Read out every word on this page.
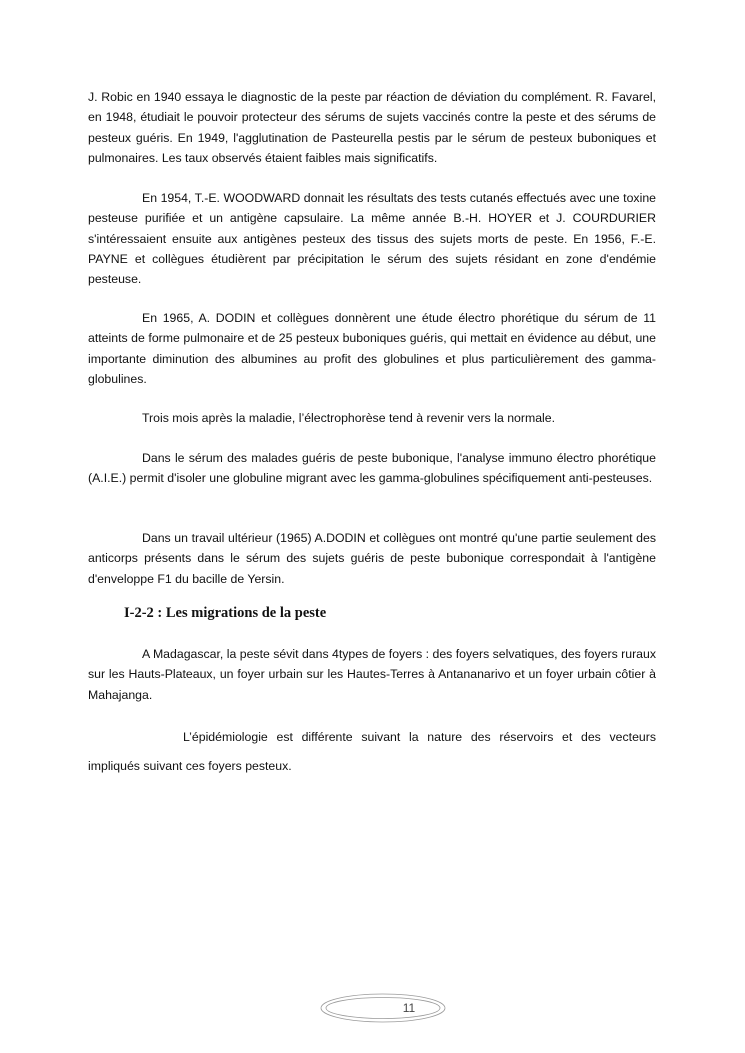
J. Robic en 1940 essaya le diagnostic de la peste par réaction de déviation du complément. R. Favarel, en 1948, étudiait le pouvoir protecteur des sérums de sujets vaccinés contre la peste et des sérums de pesteux guéris. En 1949, l'agglutination de Pasteurella pestis par le sérum de pesteux buboniques et pulmonaires. Les taux observés étaient faibles mais significatifs.

En 1954, T.-E. WOODWARD donnait les résultats des tests cutanés effectués avec une toxine pesteuse purifiée et un antigène capsulaire. La même année B.-H. HOYER et J. COURDURIER s'intéressaient ensuite aux antigènes pesteux des tissus des sujets morts de peste. En 1956, F.-E. PAYNE et collègues étudièrent par précipitation le sérum des sujets résidant en zone d'endémie pesteuse.

En 1965, A. DODIN et collègues donnèrent une étude électro phorétique du sérum de 11 atteints de forme pulmonaire et de 25 pesteux buboniques guéris, qui mettait en évidence au début, une importante diminution des albumines au profit des globulines et plus particulièrement des gamma-globulines.

Trois mois après la maladie, l’électrophorèse tend à revenir vers la normale.

Dans le sérum des malades guéris de peste bubonique, l'analyse immuno électro phorétique (A.I.E.) permit d'isoler une globuline migrant avec les gamma-globulines spécifiquement anti-pesteuses.

Dans un travail ultérieur (1965) A.DODIN et collègues ont montré qu'une partie seulement des anticorps présents dans le sérum des sujets guéris de peste bubonique correspondait à l'antigène d'enveloppe F1 du bacille de Yersin.

I-2-2 : Les migrations de la peste

A Madagascar, la peste sévit dans 4types de foyers : des foyers selvatiques, des foyers ruraux sur les Hauts-Plateaux, un foyer urbain sur les Hautes-Terres à Antananarivo et un foyer urbain côtier à Mahajanga.

L’épidémiologie est différente suivant la nature des réservoirs et des vecteurs impliqués suivant ces foyers pesteux.

11
